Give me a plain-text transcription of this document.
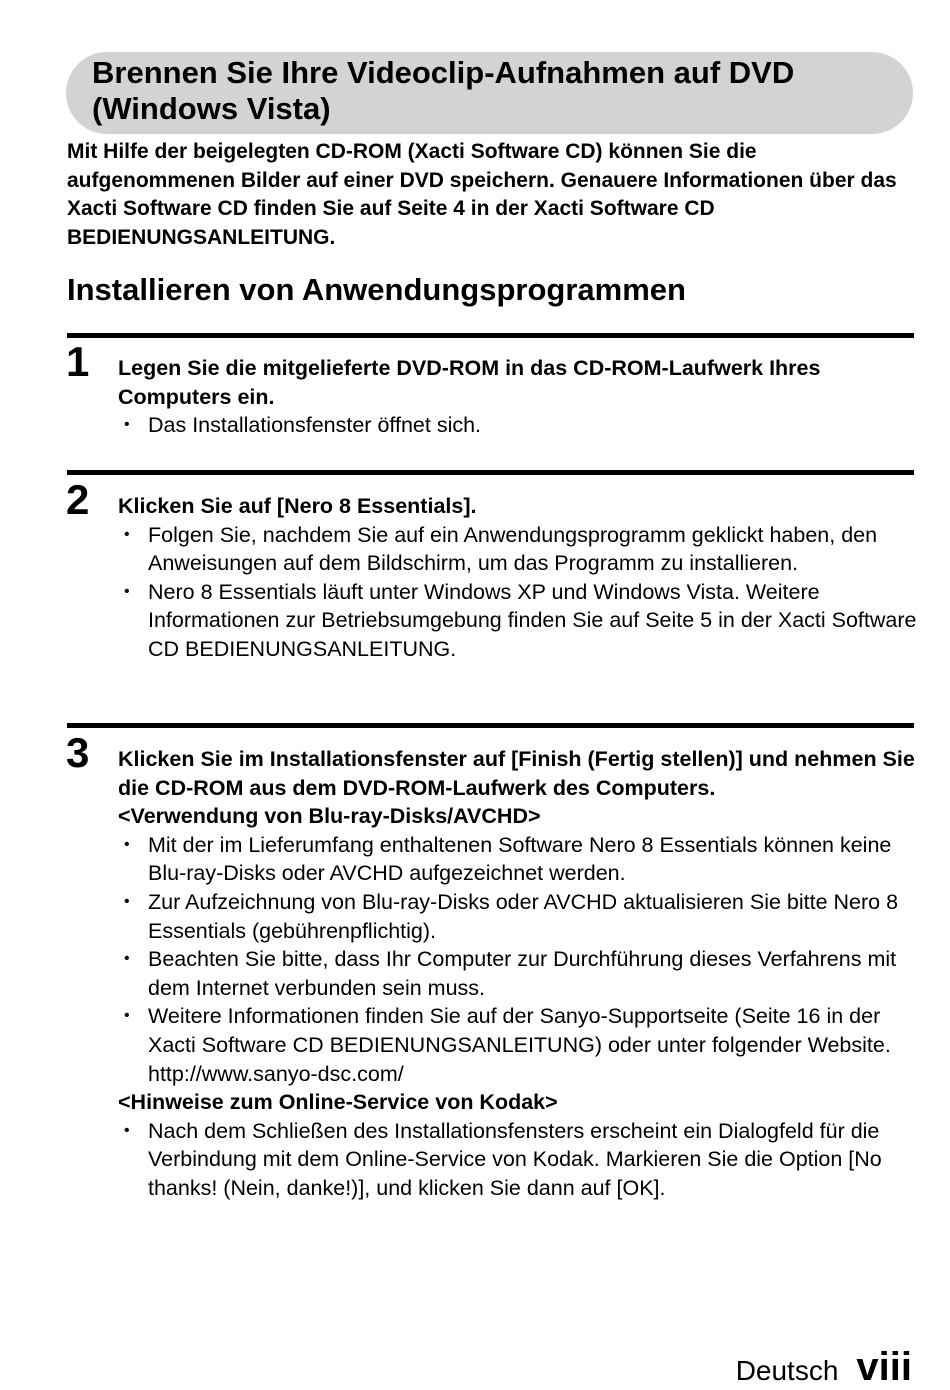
Brennen Sie Ihre Videoclip-Aufnahmen auf DVD
(Windows Vista)

Mit Hilfe der beigelegten CD-ROM (Xacti Software CD) können Sie die aufgenommenen Bilder auf einer DVD speichern. Genauere Informationen über das Xacti Software CD finden Sie auf Seite 4 in der Xacti Software CD BEDIENUNGSANLEITUNG.

Installieren von Anwendungsprogrammen
1 Legen Sie die mitgelieferte DVD-ROM in das CD-ROM-Laufwerk Ihres Computers ein.

• Das Installationsfenster öffnet sich.
2 Klicken Sie auf [Nero 8 Essentials].

• Folgen Sie, nachdem Sie auf ein Anwendungsprogramm geklickt haben, den Anweisungen auf dem Bildschirm, um das Programm zu installieren.
• Nero 8 Essentials läuft unter Windows XP und Windows Vista. Weitere Informationen zur Betriebsumgebung finden Sie auf Seite 5 in der Xacti Software CD BEDIENUNGSANLEITUNG.
3 Klicken Sie im Installationsfenster auf [Finish (Fertig stellen)] und nehmen Sie die CD-ROM aus dem DVD-ROM-Laufwerk des Computers.

<Verwendung von Blu-ray-Disks/AVCHD>

• Mit der im Lieferumfang enthaltenen Software Nero 8 Essentials können keine Blu-ray-Disks oder AVCHD aufgezeichnet werden.
• Zur Aufzeichnung von Blu-ray-Disks oder AVCHD aktualisieren Sie bitte Nero 8 Essentials (gebührenpflichtig).
• Beachten Sie bitte, dass Ihr Computer zur Durchführung dieses Verfahrens mit dem Internet verbunden sein muss.
• Weitere Informationen finden Sie auf der Sanyo-Supportseite (Seite 16 in der Xacti Software CD BEDIENUNGSANLEITUNG) oder unter folgender Website.
http://www.sanyo-dsc.com/

<Hinweise zum Online-Service von Kodak>

• Nach dem Schließen des Installationsfensters erscheint ein Dialogfeld für die Verbindung mit dem Online-Service von Kodak. Markieren Sie die Option [No thanks! (Nein, danke!)], und klicken Sie dann auf [OK].
Deutsch viii
